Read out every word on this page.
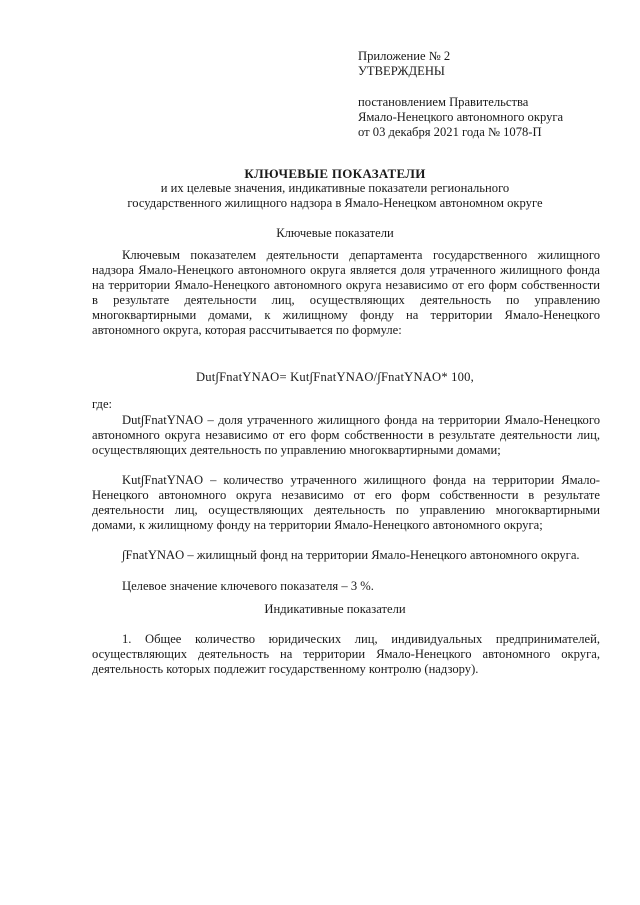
Приложение № 2
УТВЕРЖДЕНЫ
постановлением Правительства
Ямало-Ненецкого автономного округа
от 03 декабря 2021 года № 1078-П
КЛЮЧЕВЫЕ ПОКАЗАТЕЛИ
и их целевые значения, индикативные показатели регионального
государственного жилищного надзора в Ямало-Ненецком автономном округе
Ключевые показатели

Ключевым показателем деятельности департамента государственного жилищного надзора Ямало-Ненецкого автономного округа является доля утраченного жилищного фонда на территории Ямало-Ненецкого автономного округа независимо от его форм собственности в результате деятельности лиц, осуществляющих деятельность по управлению многоквартирными домами, к жилищному фонду на территории Ямало-Ненецкого автономного округа, которая рассчитывается по формуле:

Dut∫FnatYNAO= Kut∫FnatYNAO/∫FnatYNAO* 100,

где:

Dut∫FnatYNAO – доля утраченного жилищного фонда на территории Ямало-Ненецкого автономного округа независимо от его форм собственности в результате деятельности лиц, осуществляющих деятельность по управлению многоквартирными домами;

Kut∫FnatYNAO – количество утраченного жилищного фонда на территории Ямало-Ненецкого автономного округа независимо от его форм собственности в результате деятельности лиц, осуществляющих деятельность по управлению многоквартирными домами, к жилищному фонду на территории Ямало-Ненецкого автономного округа;

∫FnatYNAO – жилищный фонд на территории Ямало-Ненецкого автономного округа.

Целевое значение ключевого показателя – 3 %.

Индикативные показатели

1. Общее количество юридических лиц, индивидуальных предпринимателей, осуществляющих деятельность на территории Ямало-Ненецкого автономного округа, деятельность которых подлежит государственному контролю (надзору).
